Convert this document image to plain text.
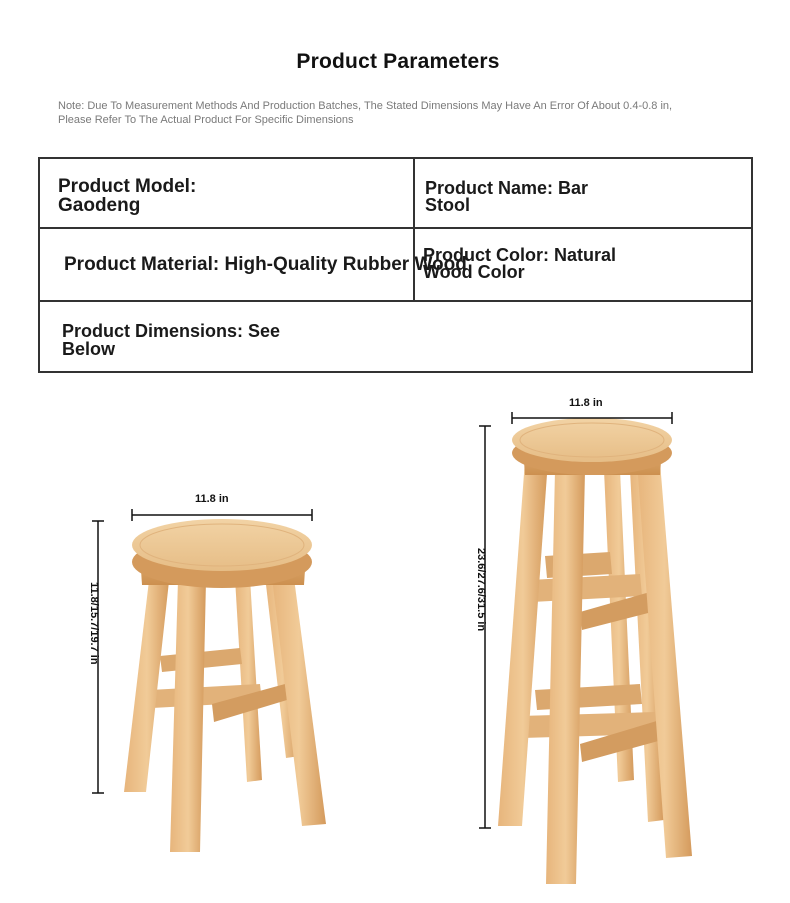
Product Parameters
Note: Due To Measurement Methods And Production Batches, The Stated Dimensions May Have An Error Of About 0.4-0.8 in,
Please Refer To The Actual Product For Specific Dimensions
Product Model:
Gaodeng
Product Name: Bar
Stool
Product Material: High-Quality Rubber Wood
Product Color: Natural
Wood Color
Product Dimensions: See
Below
11.8 in
11.8/15.7/19.7 in
11.8 in
23.6/27.6/31.5 in
